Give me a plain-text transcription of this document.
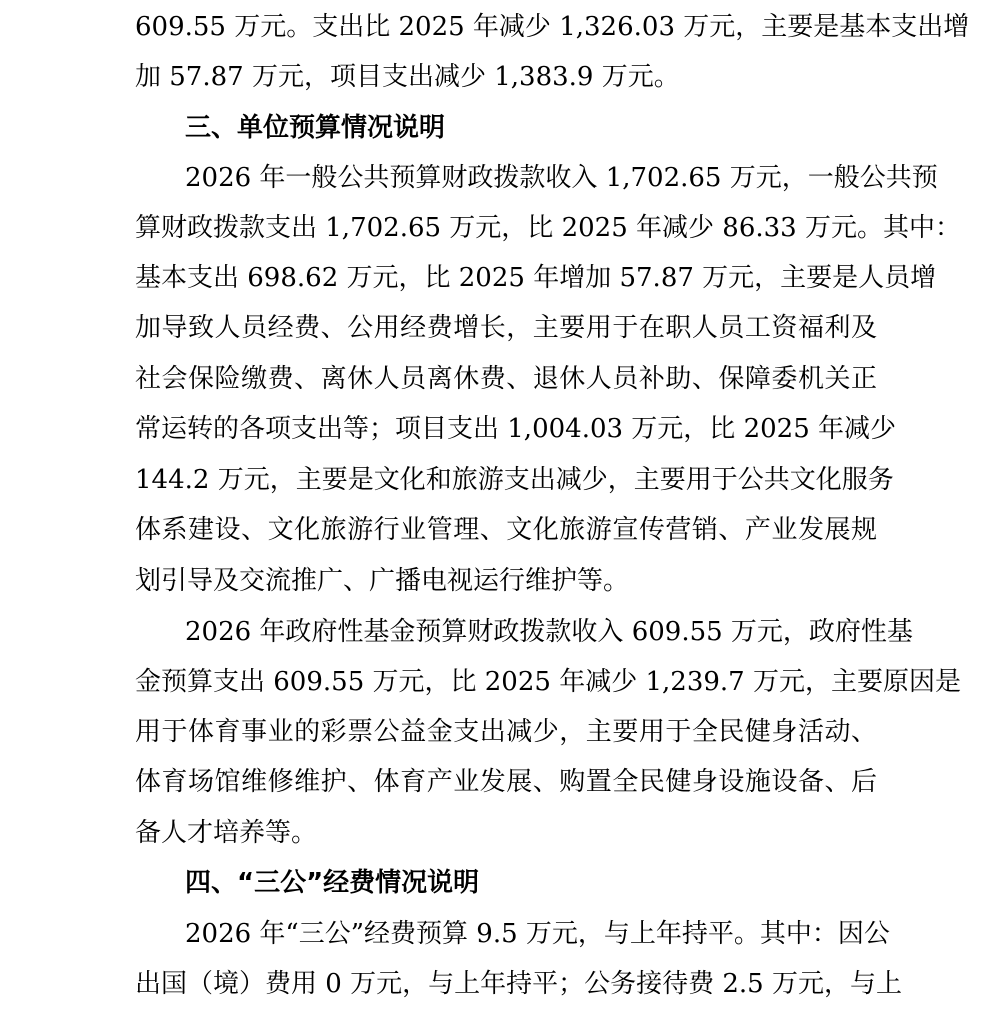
609.55 万元。支出比 2025 年减少 1,326.03 万元，主要是基本支出增
加 57.87 万元，项目支出减少 1,383.9 万元。
三、单位预算情况说明
2026 年一般公共预算财政拨款收入 1,702.65 万元，一般公共预
算财政拨款支出 1,702.65 万元，比 2025 年减少 86.33 万元。其中：
基本支出 698.62 万元，比 2025 年增加 57.87 万元，主要是人员增
加导致人员经费、公用经费增长，主要用于在职人员工资福利及
社会保险缴费、离休人员离休费、退休人员补助、保障委机关正
常运转的各项支出等；项目支出 1,004.03 万元，比 2025 年减少
144.2 万元，主要是文化和旅游支出减少，主要用于公共文化服务
体系建设、文化旅游行业管理、文化旅游宣传营销、产业发展规
划引导及交流推广、广播电视运行维护等。
2026 年政府性基金预算财政拨款收入 609.55 万元，政府性基
金预算支出 609.55 万元，比 2025 年减少 1,239.7 万元，主要原因是
用于体育事业的彩票公益金支出减少，主要用于全民健身活动、
体育场馆维修维护、体育产业发展、购置全民健身设施设备、后
备人才培养等。
四、“三公”经费情况说明
2026 年“三公”经费预算 9.5 万元，与上年持平。其中：因公
出国（境）费用 0 万元，与上年持平；公务接待费 2.5 万元，与上
